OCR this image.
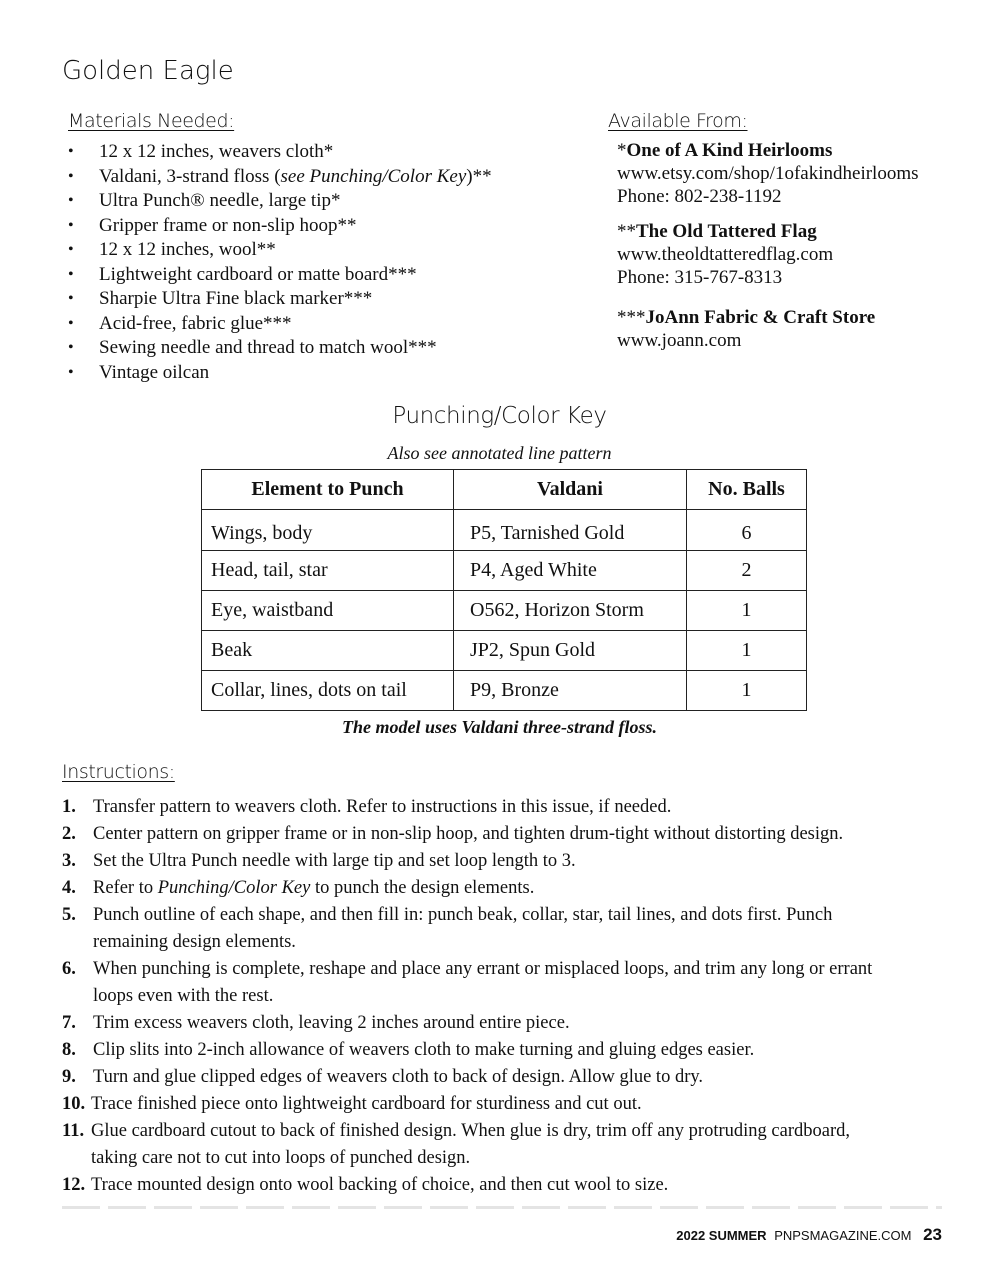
Golden Eagle
Materials Needed:
• 12 x 12 inches, weavers cloth*
• Valdani, 3-strand floss (see Punching/Color Key)**
• Ultra Punch® needle, large tip*
• Gripper frame or non-slip hoop**
• 12 x 12 inches, wool**
• Lightweight cardboard or matte board***
• Sharpie Ultra Fine black marker***
• Acid-free, fabric glue***
• Sewing needle and thread to match wool***
• Vintage oilcan
Available From:
*One of A Kind Heirlooms
www.etsy.com/shop/1ofakindheirlooms
Phone: 802-238-1192
**The Old Tattered Flag
www.theoldtatteredflag.com
Phone: 315-767-8313
***JoAnn Fabric & Craft Store
www.joann.com
Punching/Color Key
Also see annotated line pattern
Element to Punch	Valdani	No. Balls
Wings, body	P5, Tarnished Gold	6
Head, tail, star	P4, Aged White	2
Eye, waistband	O562, Horizon Storm	1
Beak	JP2, Spun Gold	1
Collar, lines, dots on tail	P9, Bronze	1
The model uses Valdani three-strand floss.
Instructions:
1. Transfer pattern to weavers cloth. Refer to instructions in this issue, if needed.
2. Center pattern on gripper frame or in non-slip hoop, and tighten drum-tight without distorting design.
3. Set the Ultra Punch needle with large tip and set loop length to 3.
4. Refer to Punching/Color Key to punch the design elements.
5. Punch outline of each shape, and then fill in: punch beak, collar, star, tail lines, and dots first. Punch
remaining design elements.
6. When punching is complete, reshape and place any errant or misplaced loops, and trim any long or errant
loops even with the rest.
7. Trim excess weavers cloth, leaving 2 inches around entire piece.
8. Clip slits into 2-inch allowance of weavers cloth to make turning and gluing edges easier.
9. Turn and glue clipped edges of weavers cloth to back of design. Allow glue to dry.
10. Trace finished piece onto lightweight cardboard for sturdiness and cut out.
11. Glue cardboard cutout to back of finished design. When glue is dry, trim off any protruding cardboard,
taking care not to cut into loops of punched design.
12. Trace mounted design onto wool backing of choice, and then cut wool to size.
2022 SUMMER PNPSMAGAZINE.COM 23
